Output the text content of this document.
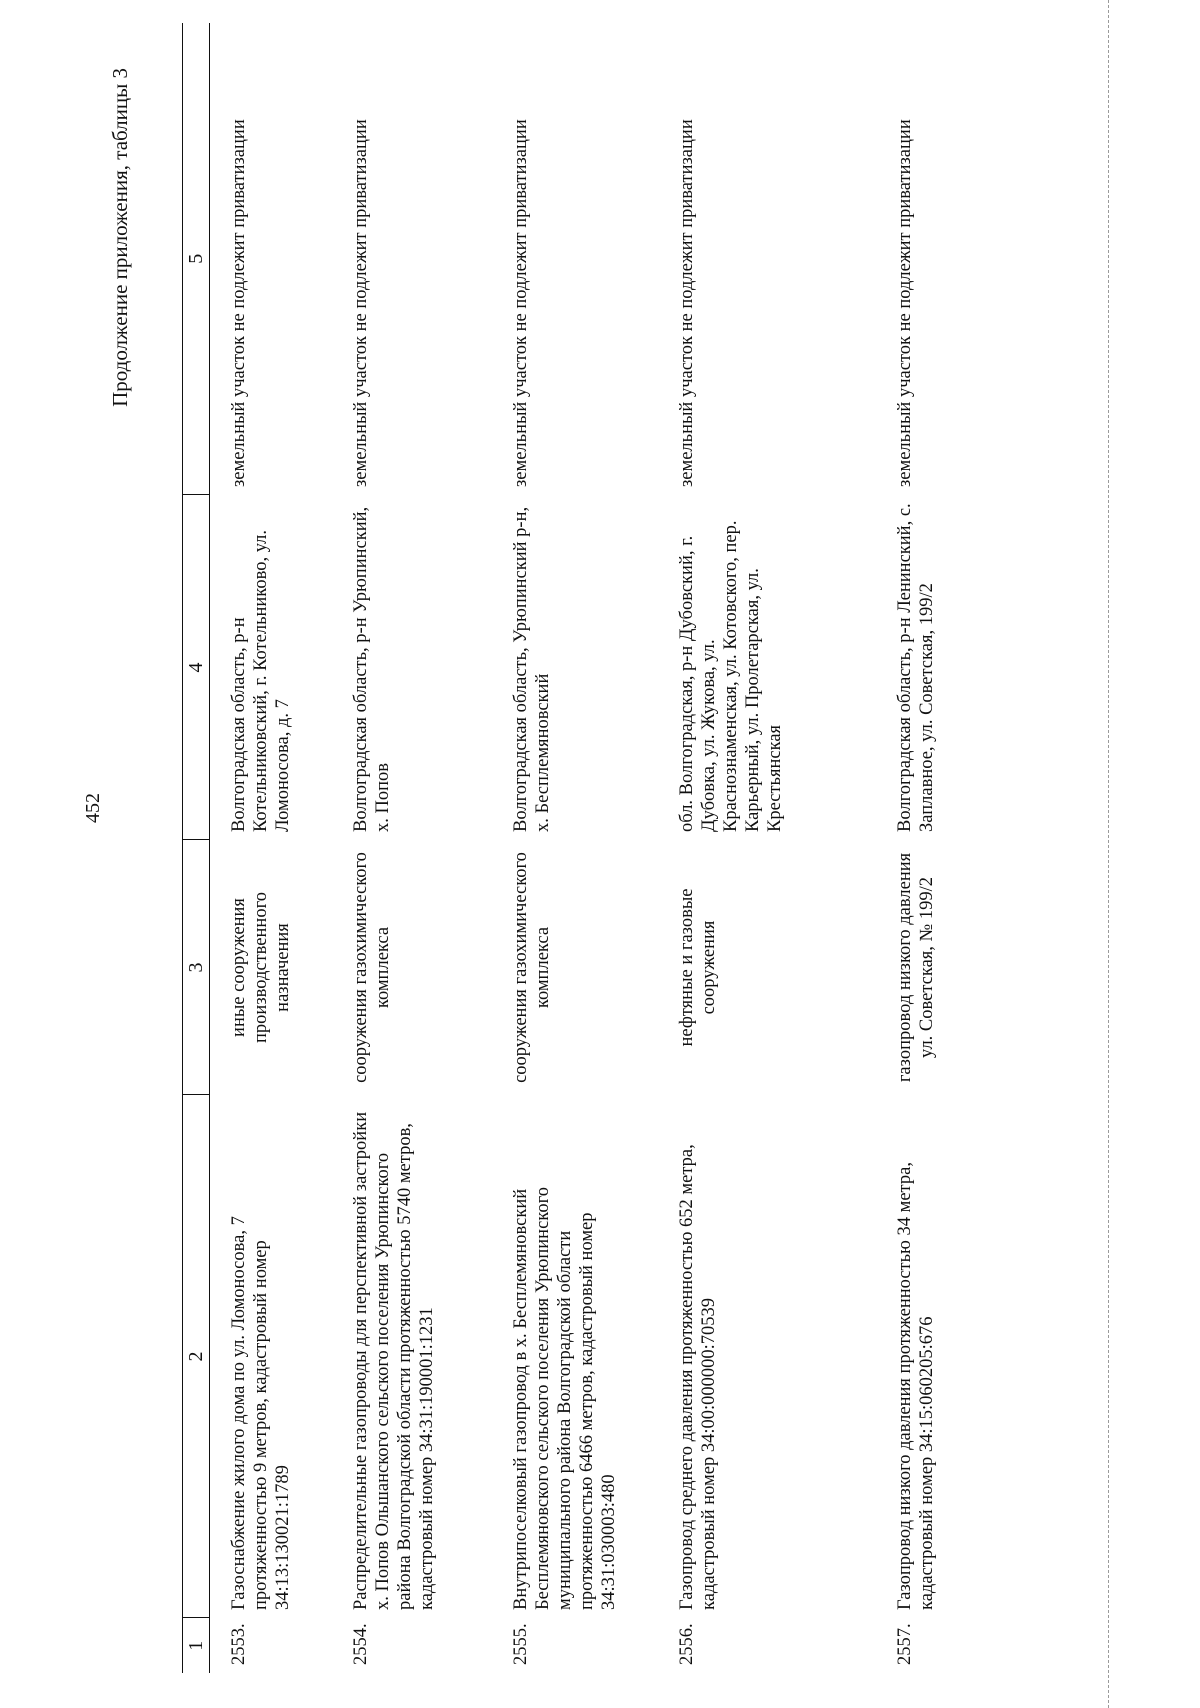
452
Продолжение приложения, таблицы 3
1	2	3	4	5
2553.	Газоснабжение жилого дома по ул. Ломоносова, 7 протяженностью 9 метров, кадастровый номер 34:13:130021:1789	иные сооружения производственного назначения	Волгоградская область, р-н Котельниковский, г. Котельниково, ул. Ломоносова, д. 7	земельный участок не подлежит приватизации
2554.	Распределительные газопроводы для перспективной застройки х. Попов Ольшанского сельского поселения Урюпинского района Волгоградской области протяженностью 5740 метров, кадастровый номер 34:31:190001:1231	сооружения газохимического комплекса	Волгоградская область, р-н Урюпинский, х. Попов	земельный участок не подлежит приватизации
2555.	Внутрипоселковый газопровод в х. Бесплемяновский Бесплемяновского сельского поселения Урюпинского муниципального района Волгоградской области протяженностью 6466 метров, кадастровый номер 34:31:030003:480	сооружения газохимического комплекса	Волгоградская область, Урюпинский р-н, х. Бесплемяновский	земельный участок не подлежит приватизации
2556.	Газопровод среднего давления протяженностью 652 метра, кадастровый номер 34:00:000000:70539	нефтяные и газовые сооружения	обл. Волгоградская, р-н Дубовский, г. Дубовка, ул. Жукова, ул. Краснознаменская, ул. Котовского, пер. Карьерный, ул. Пролетарская, ул. Крестьянская	земельный участок не подлежит приватизации
2557.	Газопровод низкого давления протяженностью 34 метра, кадастровый номер 34:15:060205:676	газопровод низкого давления ул. Советская, № 199/2	Волгоградская область, р-н Ленинский, с. Заплавное, ул. Советская, 199/2	земельный участок не подлежит приватизации
